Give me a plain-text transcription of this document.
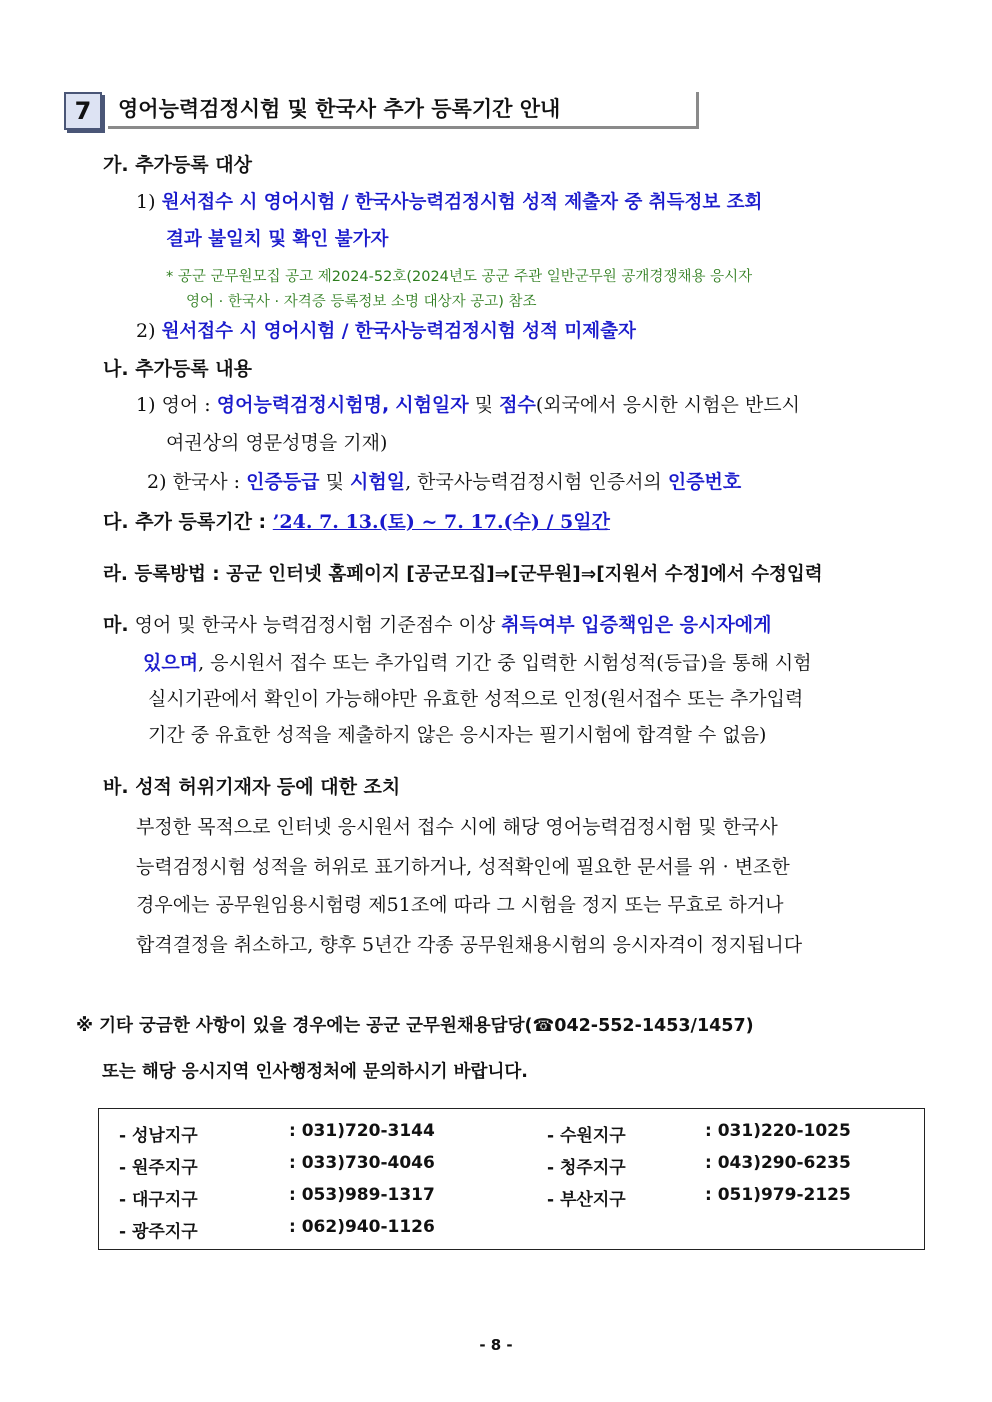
7	영어능력검정시험 및 한국사 추가 등록기간 안내
가. 추가등록 대상
1) 원서접수 시 영어시험 / 한국사능력검정시험 성적 제출자 중 취득정보 조회
결과 불일치 및 확인 불가자
* 공군 군무원모집 공고 제2024-52호(2024년도 공군 주관 일반군무원 공개경쟁채용 응시자
영어 · 한국사 · 자격증 등록정보 소명 대상자 공고) 참조
2) 원서접수 시 영어시험 / 한국사능력검정시험 성적 미제출자
나. 추가등록 내용
1) 영어 : 영어능력검정시험명, 시험일자 및 점수(외국에서 응시한 시험은 반드시
여권상의 영문성명을 기재)
2) 한국사 : 인증등급 및 시험일, 한국사능력검정시험 인증서의 인증번호
다. 추가 등록기간 : ’24. 7. 13.(토) ~ 7. 17.(수) / 5일간
라. 등록방법 : 공군 인터넷 홈페이지 [공군모집]⇒[군무원]⇒[지원서 수정]에서 수정입력
마. 영어 및 한국사 능력검정시험 기준점수 이상 취득여부 입증책임은 응시자에게
있으며, 응시원서 접수 또는 추가입력 기간 중 입력한 시험성적(등급)을 통해 시험
실시기관에서 확인이 가능해야만 유효한 성적으로 인정(원서접수 또는 추가입력
기간 중 유효한 성적을 제출하지 않은 응시자는 필기시험에 합격할 수 없음)
바. 성적 허위기재자 등에 대한 조치
부정한 목적으로 인터넷 응시원서 접수 시에 해당 영어능력검정시험 및 한국사
능력검정시험 성적을 허위로 표기하거나, 성적확인에 필요한 문서를 위 · 변조한
경우에는 공무원임용시험령 제51조에 따라 그 시험을 정지 또는 무효로 하거나
합격결정을 취소하고, 향후 5년간 각종 공무원채용시험의 응시자격이 정지됩니다
※ 기타 궁금한 사항이 있을 경우에는 공군 군무원채용담당(☎042-552-1453/1457)
또는 해당 응시지역 인사행정처에 문의하시기 바랍니다.
- 성남지구	: 031)720-3144	- 수원지구	: 031)220-1025
- 원주지구	: 033)730-4046	- 청주지구	: 043)290-6235
- 대구지구	: 053)989-1317	- 부산지구	: 051)979-2125
- 광주지구	: 062)940-1126
- 8 -
